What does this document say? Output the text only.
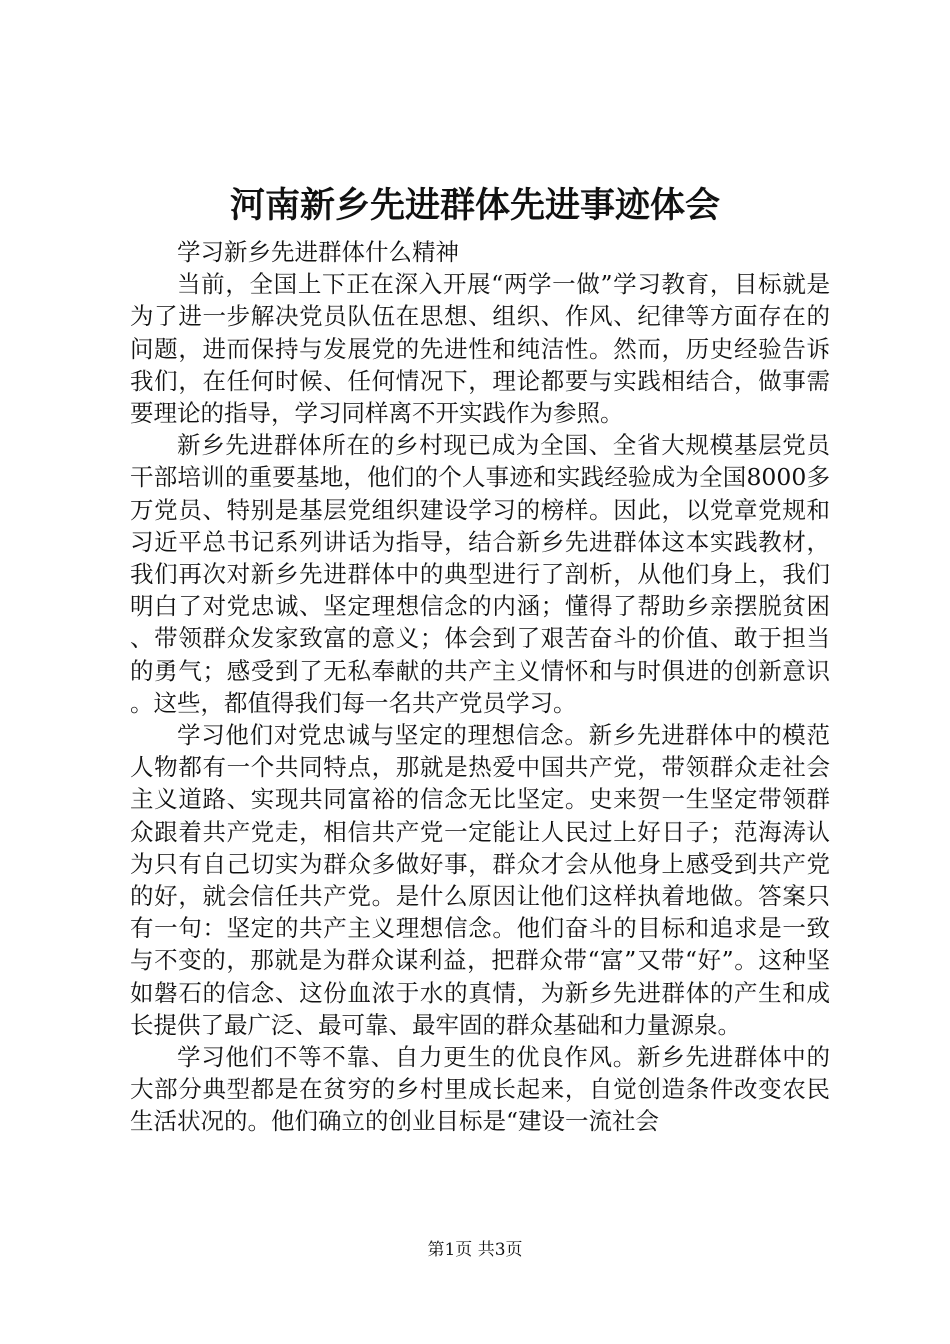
河南新乡先进群体先进事迹体会

学习新乡先进群体什么精神

当前，全国上下正在深入开展“两学一做”学习教育，目标就是为了进一步解决党员队伍在思想、组织、作风、纪律等方面存在的问题，进而保持与发展党的先进性和纯洁性。然而，历史经验告诉我们，在任何时候、任何情况下，理论都要与实践相结合，做事需要理论的指导，学习同样离不开实践作为参照。

新乡先进群体所在的乡村现已成为全国、全省大规模基层党员干部培训的重要基地，他们的个人事迹和实践经验成为全国8000多万党员、特别是基层党组织建设学习的榜样。因此，以党章党规和习近平总书记系列讲话为指导，结合新乡先进群体这本实践教材，我们再次对新乡先进群体中的典型进行了剖析，从他们身上，我们明白了对党忠诚、坚定理想信念的内涵；懂得了帮助乡亲摆脱贫困、带领群众发家致富的意义；体会到了艰苦奋斗的价值、敢于担当的勇气；感受到了无私奉献的共产主义情怀和与时俱进的创新意识。这些，都值得我们每一名共产党员学习。

学习他们对党忠诚与坚定的理想信念。新乡先进群体中的模范人物都有一个共同特点，那就是热爱中国共产党，带领群众走社会主义道路、实现共同富裕的信念无比坚定。史来贺一生坚定带领群众跟着共产党走，相信共产党一定能让人民过上好日子；范海涛认为只有自己切实为群众多做好事，群众才会从他身上感受到共产党的好，就会信任共产党。是什么原因让他们这样执着地做。答案只有一句：坚定的共产主义理想信念。他们奋斗的目标和追求是一致与不变的，那就是为群众谋利益，把群众带“富”又带“好”。这种坚如磐石的信念、这份血浓于水的真情，为新乡先进群体的产生和成长提供了最广泛、最可靠、最牢固的群众基础和力量源泉。

学习他们不等不靠、自力更生的优良作风。新乡先进群体中的大部分典型都是在贫穷的乡村里成长起来，自觉创造条件改变农民生活状况的。他们确立的创业目标是“建设一流社会

第1页 共3页
